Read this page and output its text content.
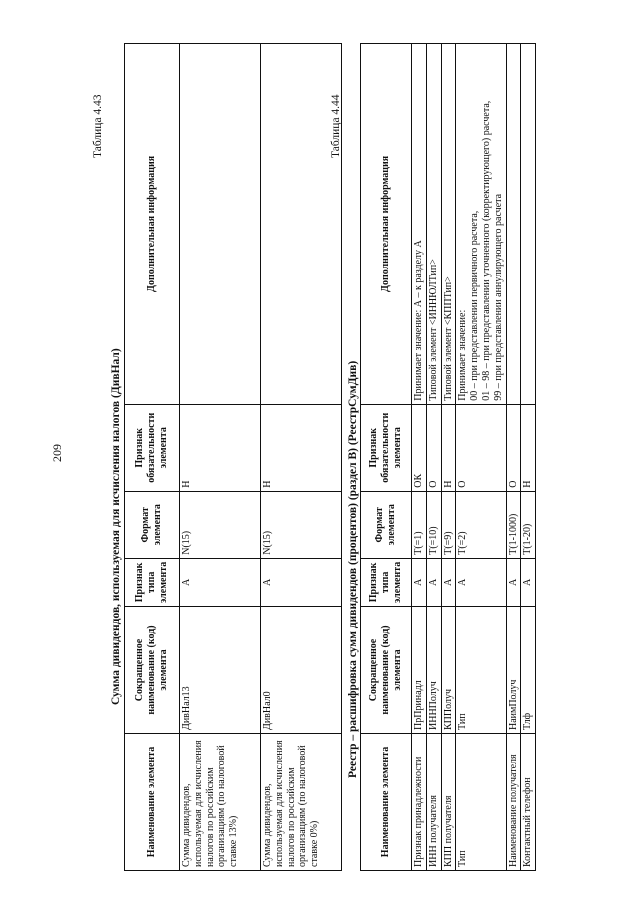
209
Таблица 4.43
Сумма дивидендов, используемая для исчисления налогов (ДивНал)
Наименование элемента	Сокращенное наименование (код) элемента	Признак типа элемента	Формат элемента	Признак обязательности элемента	Дополнительная информация
Сумма дивидендов, используемая для исчисления налогов по российским организациям (по налоговой ставке 13%)	ДивНал13	А	N(15)	Н	
Сумма дивидендов, используемая для исчисления налогов по российским организациям (по налоговой ставке 0%)	ДивНал0	А	N(15)	Н	
Таблица 4.44
Реестр – расшифровка сумм дивидендов (процентов) (раздел В) (РеестрСумДив)
Наименование элемента	Сокращенное наименование (код) элемента	Признак типа элемента	Формат элемента	Признак обязательности элемента	Дополнительная информация
Признак принадлежности	ПрПринадл	А	T(=1)	ОК	Принимает значение: А – к разделу А
ИНН получателя	ИННПолуч	А	T(=10)	О	Типовой элемент <ИННЮЛТип>
КПП получателя	КППолуч	А	T(=9)	Н	Типовой элемент <КППТип>
Тип	Тип	А	T(=2)	О	Принимает значение: 00 – при представлении первичного расчета, 01 – 98 – при представлении уточненного (корректирующего) расчета, 99 – при представлении аннулирующего расчета

Наименование получателя	НаимПолуч	А	T(1-1000)	О	
Контактный телефон	Тлф	А	T(1-20)	Н	
